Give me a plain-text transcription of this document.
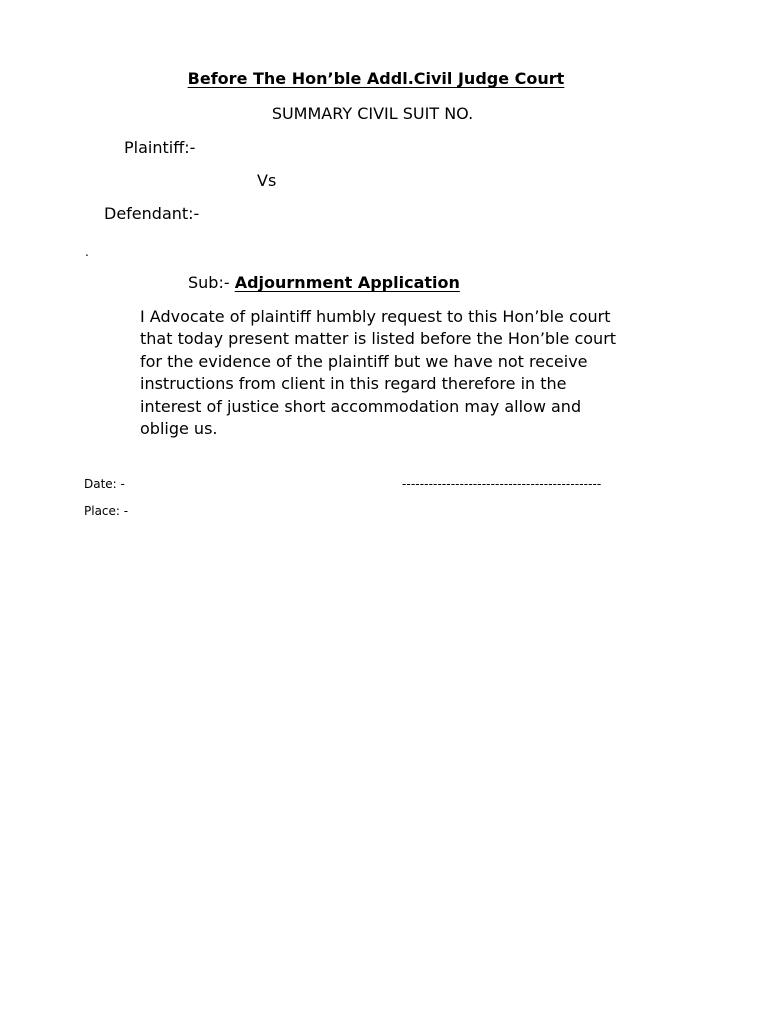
Before The Hon’ble Addl.Civil Judge Court
SUMMARY CIVIL SUIT NO.
Plaintiff:-
Vs
Defendant:-
.
Sub:- Adjournment Application
I Advocate of plaintiff humbly request to this Hon’ble court
that today present matter is listed before the Hon’ble court
for the evidence of the plaintiff but we have not receive
instructions from client in this regard therefore in the
interest of justice short accommodation may allow and
oblige us.
Date: -	---------------------------------------------
Place: -
